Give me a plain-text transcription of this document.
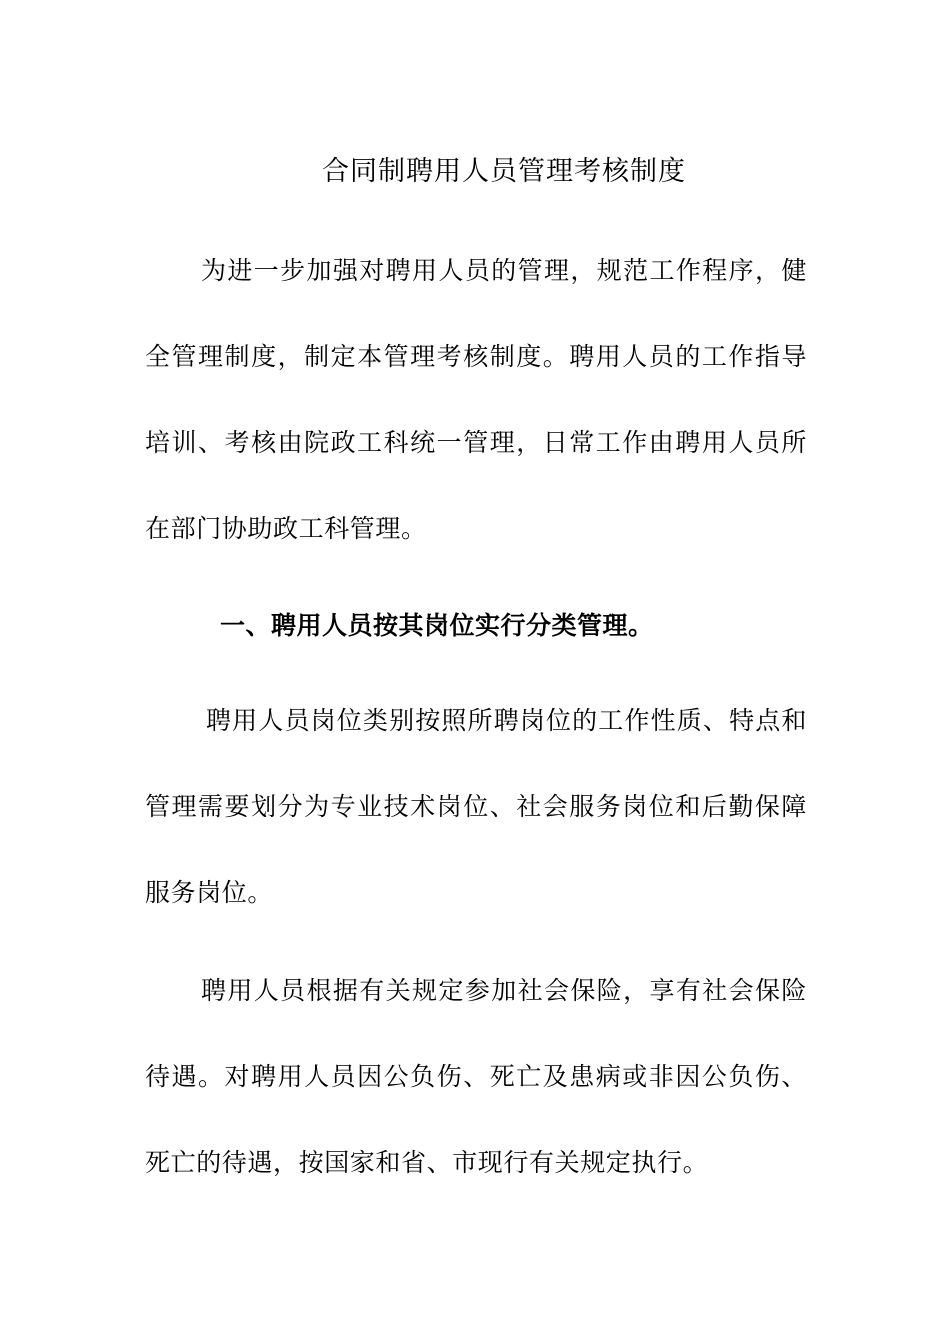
合同制聘用人员管理考核制度

为进一步加强对聘用人员的管理，规范工作程序，健全管理制度，制定本管理考核制度。聘用人员的工作指导培训、考核由院政工科统一管理，日常工作由聘用人员所在部门协助政工科管理。

一、聘用人员按其岗位实行分类管理。

聘用人员岗位类别按照所聘岗位的工作性质、特点和管理需要划分为专业技术岗位、社会服务岗位和后勤保障服务岗位。

聘用人员根据有关规定参加社会保险，享有社会保险待遇。对聘用人员因公负伤、死亡及患病或非因公负伤、死亡的待遇，按国家和省、市现行有关规定执行。
